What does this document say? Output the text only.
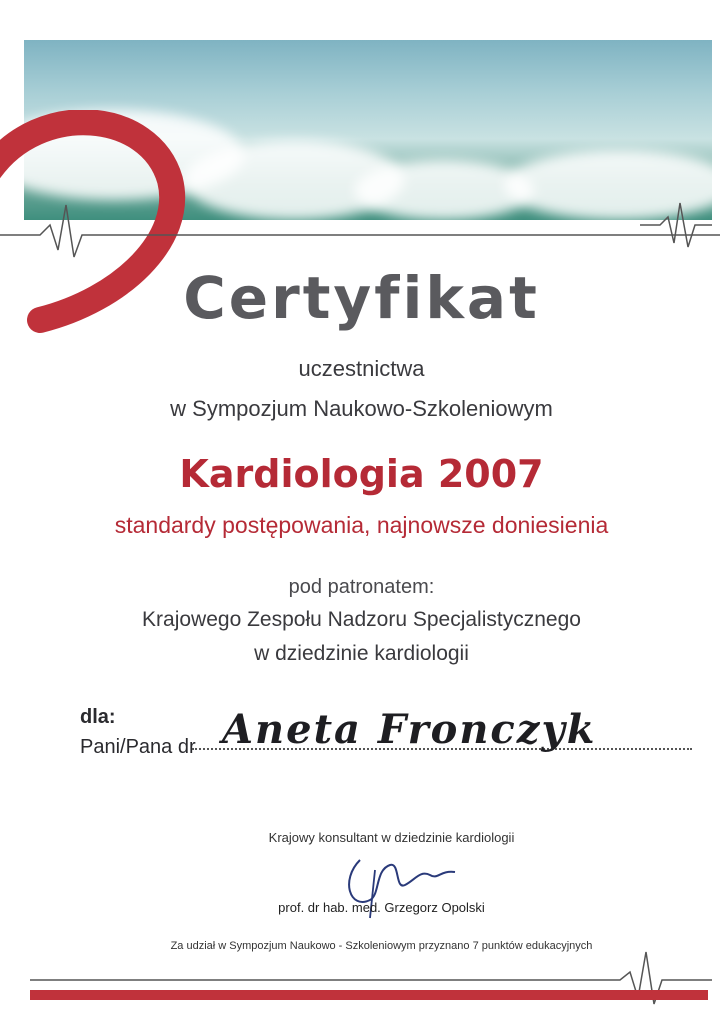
Certyfikat
uczestnictwa
w Sympozjum Naukowo-Szkoleniowym
Kardiologia 2007
standardy postępowania, najnowsze doniesienia
pod patronatem:
Krajowego Zespołu Nadzoru Specjalistycznego
w dziedzinie kardiologii
dla:
Pani/Pana dr Aneta Fronczyk
Krajowy konsultant w dziedzinie kardiologii
prof. dr hab. med. Grzegorz Opolski
Za udział w Sympozjum Naukowo - Szkoleniowym przyznano 7 punktów edukacyjnych
